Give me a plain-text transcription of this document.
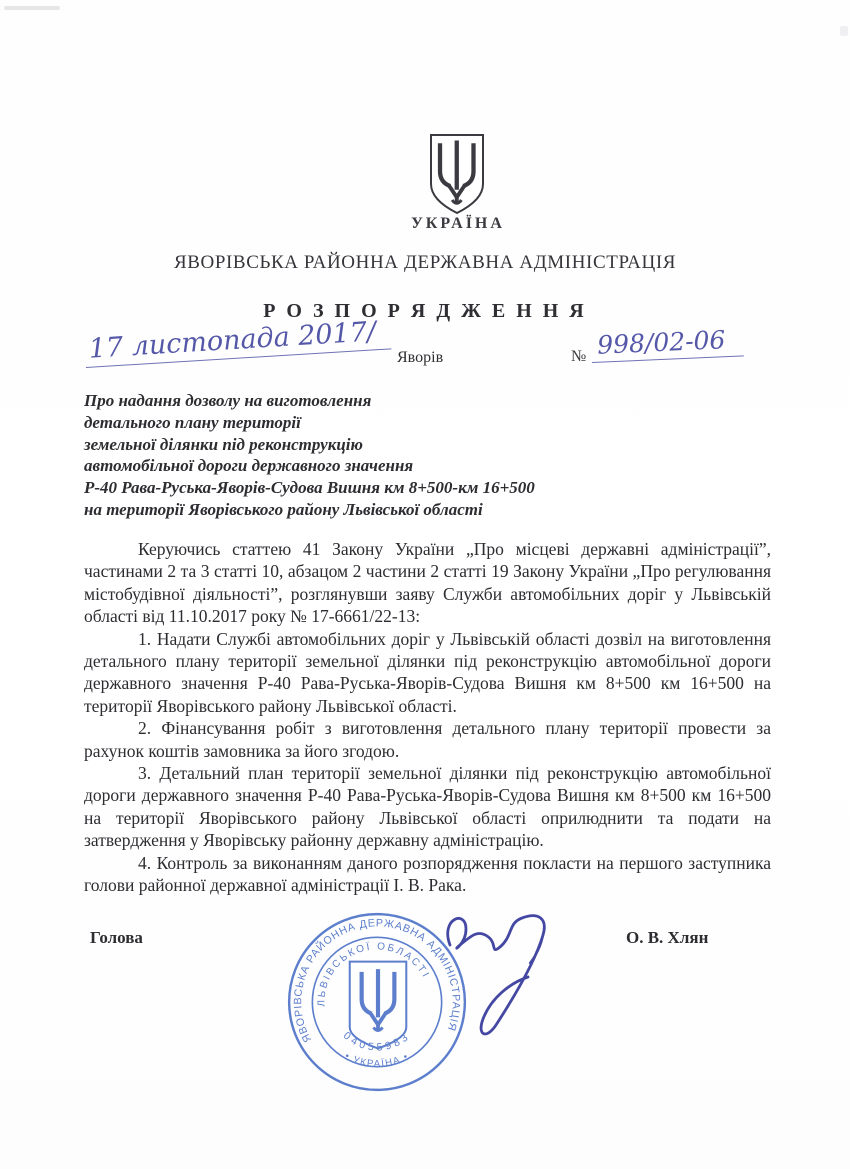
УКРАЇНА
ЯВОРІВСЬКА РАЙОННА ДЕРЖАВНА АДМІНІСТРАЦІЯ
Р О З П О Р Я Д Ж Е Н Н Я
17 листопада 2017/	Яворів	№ 998/02-06
Про надання дозволу на виготовлення
детального плану території
земельної ділянки під реконструкцію
автомобільної дороги державного значення
Р-40 Рава-Руська-Яворів-Судова Вишня км 8+500-км 16+500
на території Яворівського району Львівської області

Керуючись статтею 41 Закону України „Про місцеві державні адміністрації”, частинами 2 та 3 статті 10, абзацом 2 частини 2 статті 19 Закону України „Про регулювання містобудівної діяльності”, розглянувши заяву Служби автомобільних доріг у Львівській області від 11.10.2017 року № 17-6661/22-13:

1. Надати Службі автомобільних доріг у Львівській області дозвіл на виготовлення детального плану території земельної ділянки під реконструкцію автомобільної дороги державного значення Р-40 Рава-Руська-Яворів-Судова Вишня км 8+500 км 16+500 на території Яворівського району Львівської області.

2. Фінансування робіт з виготовлення детального плану території провести за рахунок коштів замовника за його згодою.

3. Детальний план території земельної ділянки під реконструкцію автомобільної дороги державного значення Р-40 Рава-Руська-Яворів-Судова Вишня км 8+500 км 16+500 на території Яворівського району Львівської області оприлюднити та подати на затвердження у Яворівську районну державну адміністрацію.

4. Контроль за виконанням даного розпорядження покласти на першого заступника голови районної державної адміністрації І. В. Рака.

Голова	О. В. Хлян
ЯВОРІВСЬКА РАЙОННА ДЕРЖАВНА АДМІНІСТРАЦІЯ
ЛЬВІВСЬКОЇ ОБЛАСТІ
04055983
• УКРАЇНА •
